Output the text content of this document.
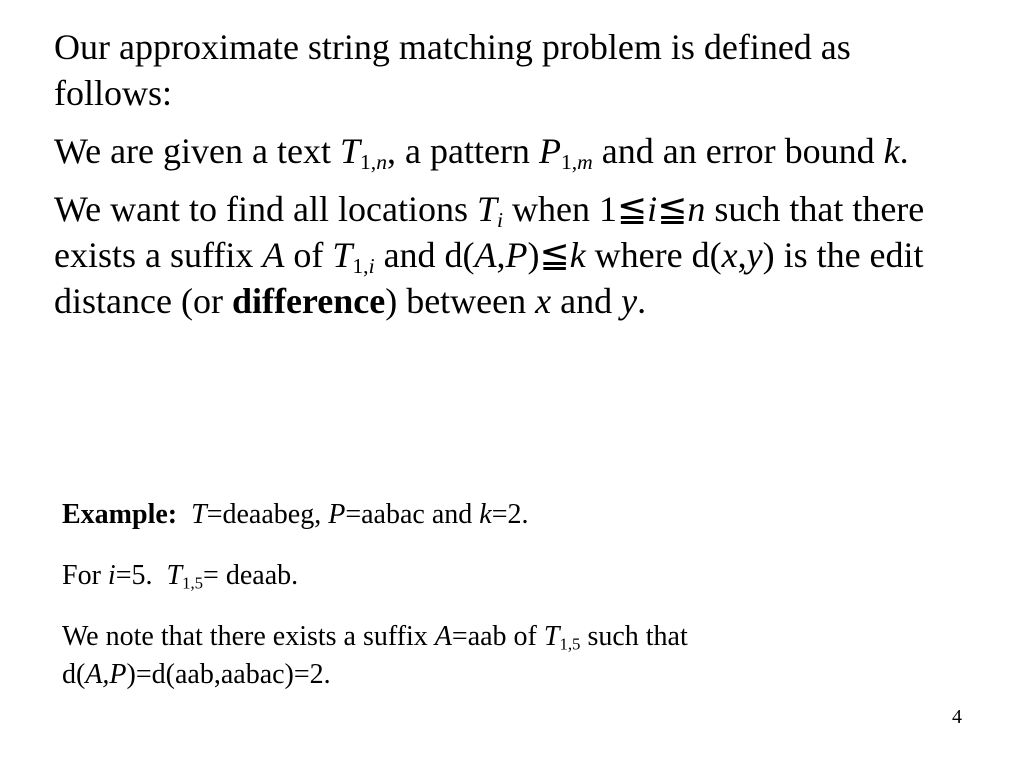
Our approximate string matching problem is defined as follows:

We are given a text $T_{1,n}$, a pattern $P_{1,m}$ and an error bound k.

We want to find all locations $T_i$ when 1≦i≦n such that there exists a suffix A of $T_{1,i}$ and d(A,P)≦k where d(x,y) is the edit distance (or difference) between x and y.

Example: T=deaabeg, P=aabac and k=2.

For i=5.  $T_{1,5}=$ deaab.

We note that there exists a suffix A=aab of $T_{1,5}$ such that d(A,P)=d(aab,aabac)=2.

4
